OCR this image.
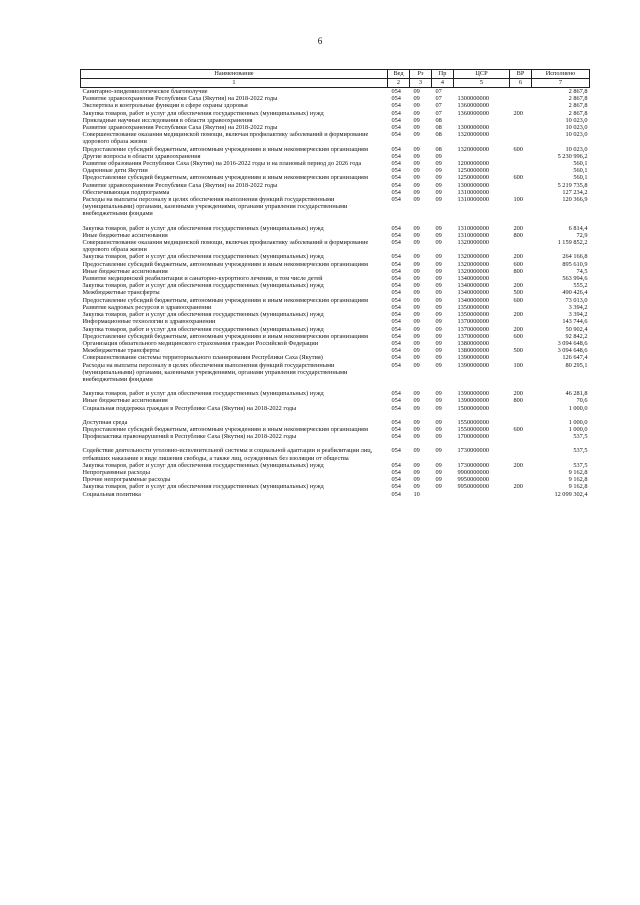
6
Наименование	Вед	Рз	Пр	ЦСР	ВР	Исполнено
1	2	3	4	5	6	7
Санитарно-эпидемиологическое благополучие	054	09	07			2 867,8
Развитие здравоохранения Республики Саха (Якутия) на 2018-2022 годы	054	09	07	1300000000		2 867,8
Экспертиза и контрольные функции в сфере охраны здоровья	054	09	07	1360000000		2 867,8
Закупка товаров, работ и услуг для обеспечения государственных (муниципальных) нужд	054	09	07	1360000000	200	2 867,8
Прикладные научные исследования в области здравоохранения	054	09	08			10 023,0
Развитие здравоохранения Республики Саха (Якутия) на 2018-2022 годы	054	09	08	1300000000		10 023,0
Совершенствование оказания медицинской помощи, включая профилактику заболеваний и формирование здорового образа жизни	054	09	08	1320000000		10 023,0
Предоставление субсидий бюджетным, автономным учреждениям и иным некоммерческим организациям	054	09	08	1320000000	600	10 023,0
Другие вопросы в области здравоохранения	054	09	09			5 230 996,2
Развитие образования Республики Саха (Якутия) на 2016-2022 годы и на плановый период до 2026 года	054	09	09	1200000000		560,1
Одаренные дети Якутии	054	09	09	1250000000		560,1
Предоставление субсидий бюджетным, автономным учреждениям и иным некоммерческим организациям	054	09	09	1250000000	600	560,1
Развитие здравоохранения Республики Саха (Якутия) на 2018-2022 годы	054	09	09	1300000000		5 219 735,8
Обеспечивающая подпрограмма	054	09	09	1310000000		127 234,2
Расходы на выплаты персоналу в целях обеспечения выполнения функций государственными (муниципальными) органами, казенными учреждениями, органами управления государственными внебюджетными фондами	054	09	09	1310000000	100	120 366,9

Закупка товаров, работ и услуг для обеспечения государственных (муниципальных) нужд	054	09	09	1310000000	200	6 814,4
Иные бюджетные ассигнования	054	09	09	1310000000	800	72,9
Совершенствование оказания медицинской помощи, включая профилактику заболеваний и формирование здорового образа жизни	054	09	09	1320000000		1 159 852,2
Закупка товаров, работ и услуг для обеспечения государственных (муниципальных) нужд	054	09	09	1320000000	200	264 166,8
Предоставление субсидий бюджетным, автономным учреждениям и иным некоммерческим организациям	054	09	09	1320000000	600	895 610,9
Иные бюджетные ассигнования	054	09	09	1320000000	800	74,5
Развитие медицинской реабилитации и санаторно-курортного лечения, в том числе детей	054	09	09	1340000000		563 994,6
Закупка товаров, работ и услуг для обеспечения государственных (муниципальных) нужд	054	09	09	1340000000	200	555,2
Межбюджетные трансферты	054	09	09	1340000000	500	490 426,4
Предоставление субсидий бюджетным, автономным учреждениям и иным некоммерческим организациям	054	09	09	1340000000	600	73 013,0
Развитие кадровых ресурсов в здравоохранении	054	09	09	1350000000		3 394,2
Закупка товаров, работ и услуг для обеспечения государственных (муниципальных) нужд	054	09	09	1350000000	200	3 394,2
Информационные технологии в здравоохранении	054	09	09	1370000000		143 744,6
Закупка товаров, работ и услуг для обеспечения государственных (муниципальных) нужд	054	09	09	1370000000	200	50 902,4
Предоставление субсидий бюджетным, автономным учреждениям и иным некоммерческим организациям	054	09	09	1370000000	600	92 842,2
Организация обязательного медицинского страхования граждан Российской Федерации	054	09	09	1380000000		3 094 648,6
Межбюджетные трансферты	054	09	09	1380000000	500	3 094 648,6
Совершенствование системы территориального планирования Республики Саха (Якутия)	054	09	09	1390000000		126 647,4
Расходы на выплаты персоналу в целях обеспечения выполнения функций государственными (муниципальными) органами, казенными учреждениями, органами управления государственными внебюджетными фондами	054	09	09	1390000000	100	80 295,1

Закупка товаров, работ и услуг для обеспечения государственных (муниципальных) нужд	054	09	09	1390000000	200	46 281,8
Иные бюджетные ассигнования	054	09	09	1390000000	800	70,6
Социальная поддержка граждан в Республике Саха (Якутия) на 2018-2022 годы	054	09	09	1500000000		1 000,0

Доступная среда	054	09	09	1550000000		1 000,0
Предоставление субсидий бюджетным, автономным учреждениям и иным некоммерческим организациям	054	09	09	1550000000	600	1 000,0
Профилактика правонарушений в Республике Саха (Якутия) на 2018-2022 годы	054	09	09	1700000000		537,5

Содействие деятельности уголовно-исполнительной системы и социальной адаптации и реабилитации лиц, отбывших наказание в виде лишения свободы, а также лиц, осужденных без изоляции от общества	054	09	09	1730000000		537,5
Закупка товаров, работ и услуг для обеспечения государственных (муниципальных) нужд	054	09	09	1730000000	200	537,5
Непрограммные расходы	054	09	09	9900000000		9 162,8
Прочие непрограммные расходы	054	09	09	9950000000		9 162,8
Закупка товаров, работ и услуг для обеспечения государственных (муниципальных) нужд	054	09	09	9950000000	200	9 162,8
Социальная политика	054	10				12 099 302,4
